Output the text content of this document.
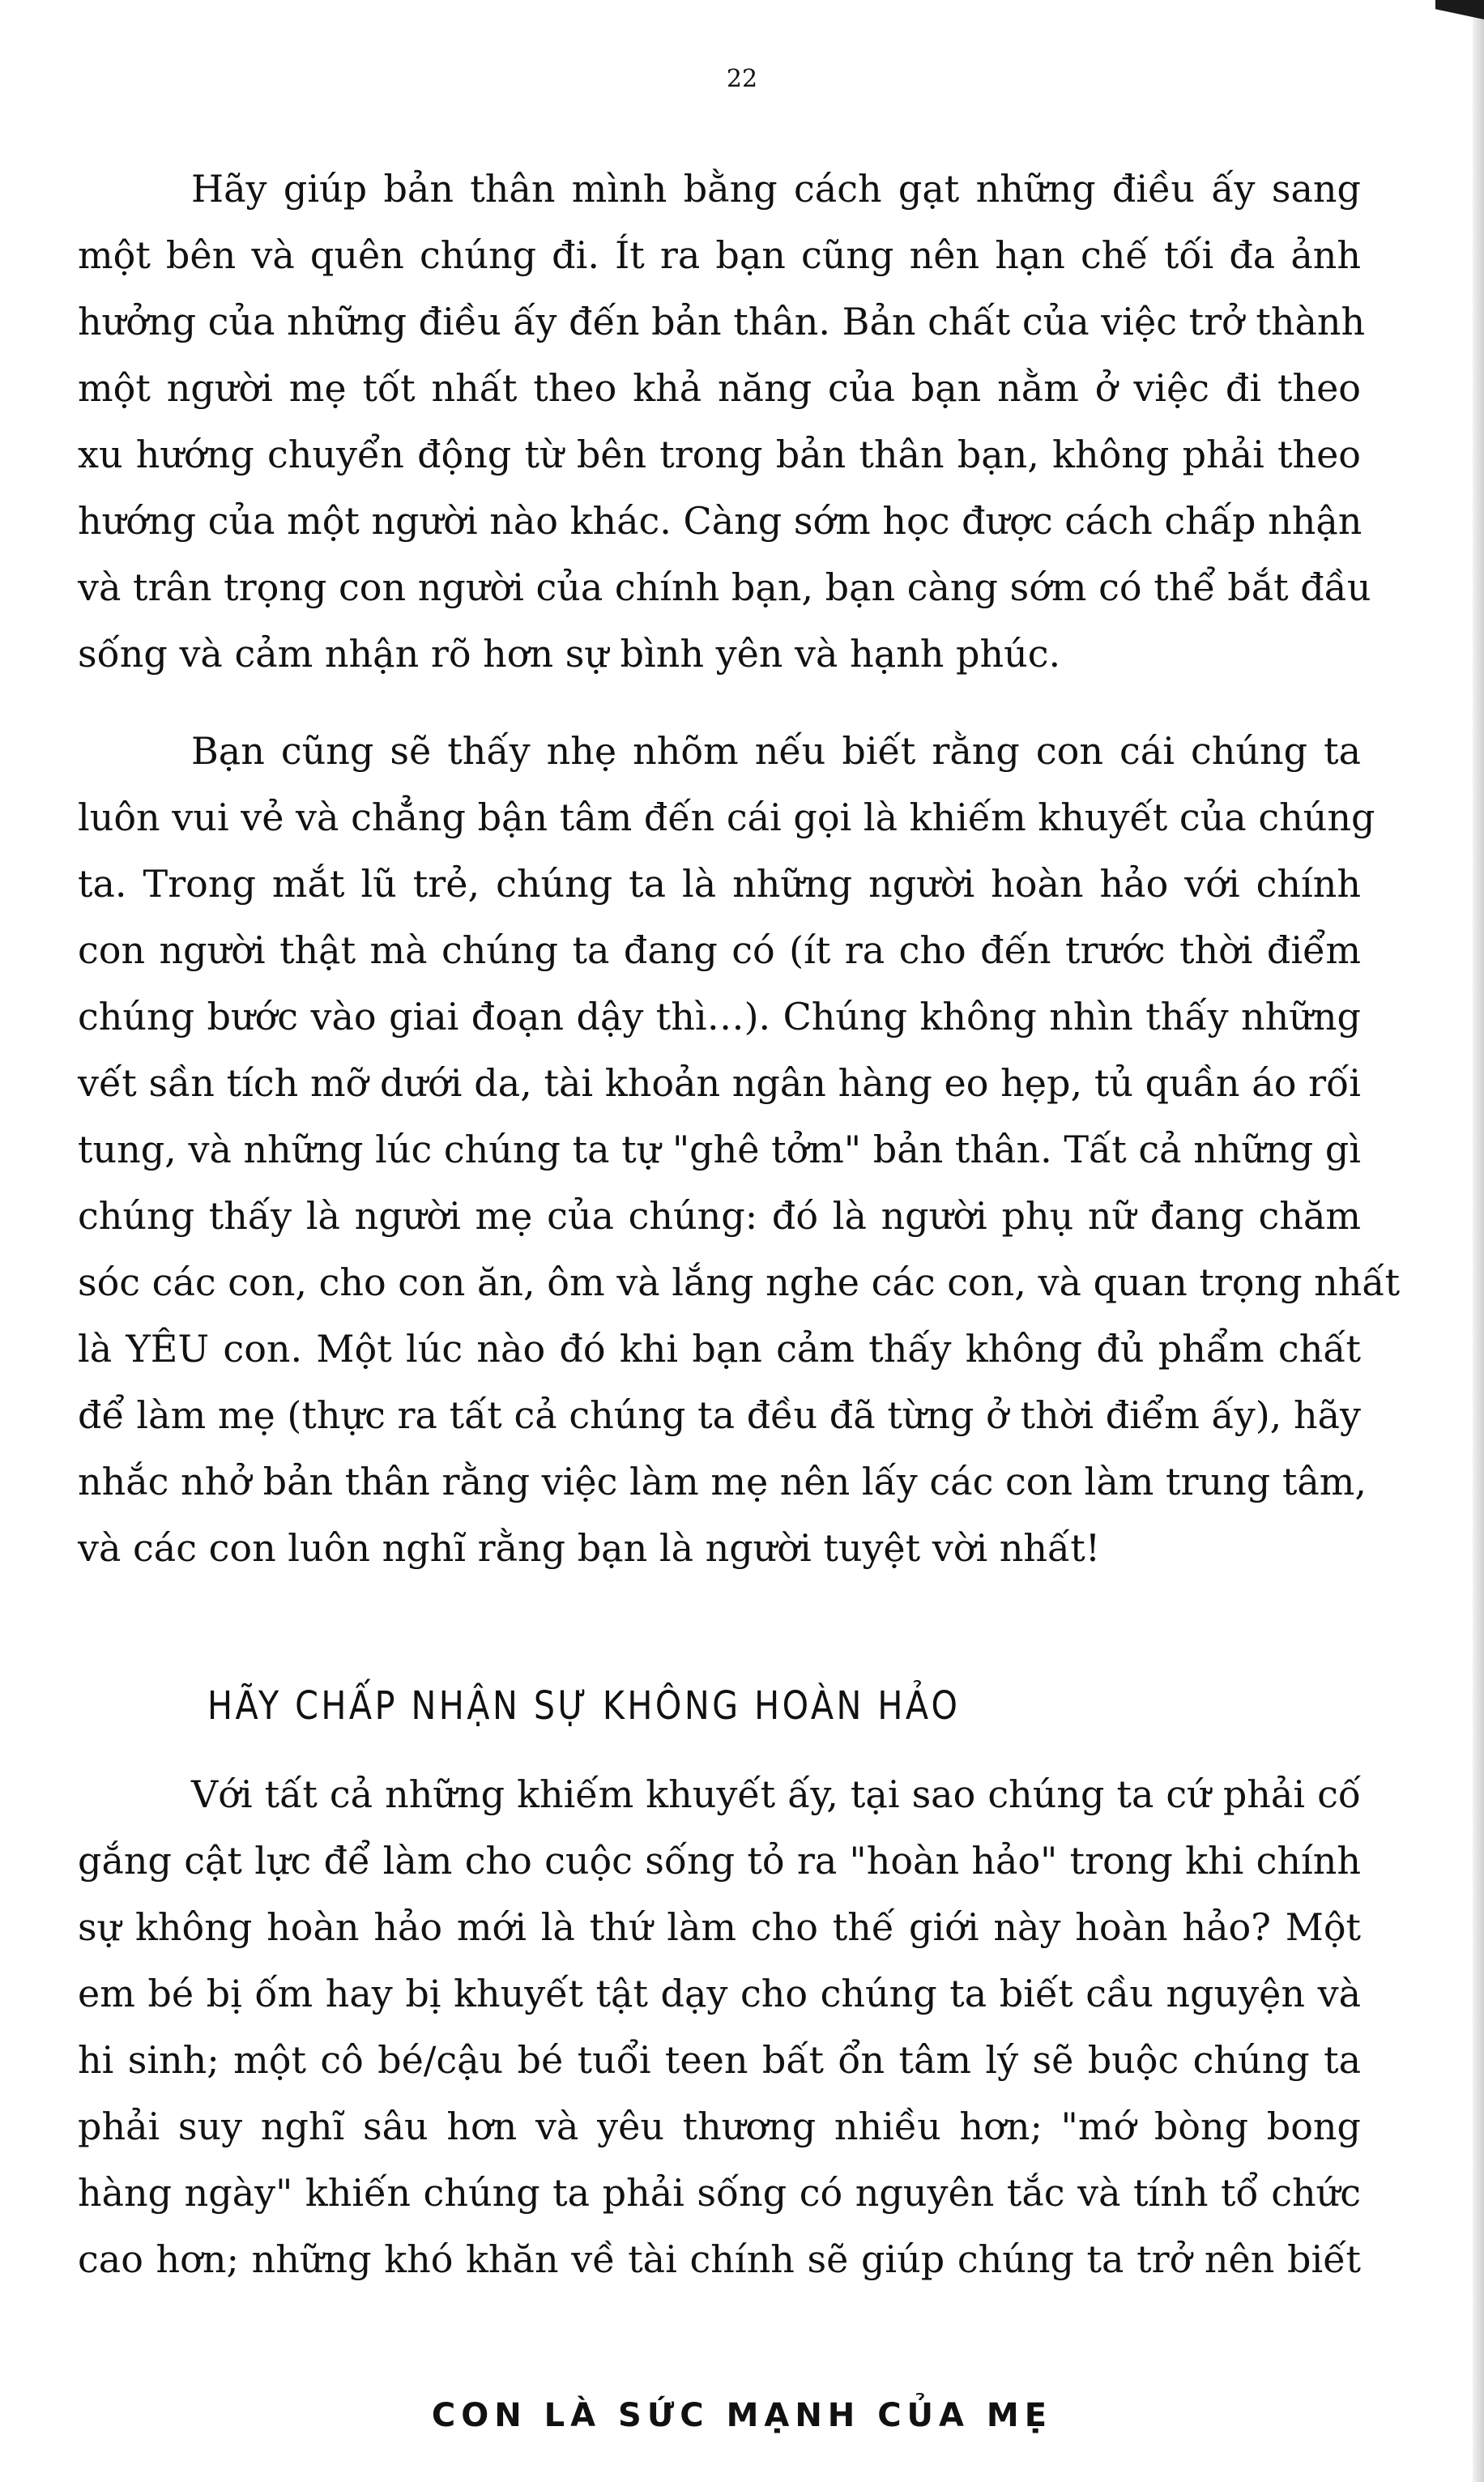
22

Hãy giúp bản thân mình bằng cách gạt những điều ấy sang
một bên và quên chúng đi. Ít ra bạn cũng nên hạn chế tối đa ảnh
hưởng của những điều ấy đến bản thân. Bản chất của việc trở thành
một người mẹ tốt nhất theo khả năng của bạn nằm ở việc đi theo
xu hướng chuyển động từ bên trong bản thân bạn, không phải theo
hướng của một người nào khác. Càng sớm học được cách chấp nhận
và trân trọng con người của chính bạn, bạn càng sớm có thể bắt đầu
sống và cảm nhận rõ hơn sự bình yên và hạnh phúc.

Bạn cũng sẽ thấy nhẹ nhõm nếu biết rằng con cái chúng ta
luôn vui vẻ và chẳng bận tâm đến cái gọi là khiếm khuyết của chúng
ta. Trong mắt lũ trẻ, chúng ta là những người hoàn hảo với chính
con người thật mà chúng ta đang có (ít ra cho đến trước thời điểm
chúng bước vào giai đoạn dậy thì…). Chúng không nhìn thấy những
vết sần tích mỡ dưới da, tài khoản ngân hàng eo hẹp, tủ quần áo rối
tung, và những lúc chúng ta tự "ghê tởm" bản thân. Tất cả những gì
chúng thấy là người mẹ của chúng: đó là người phụ nữ đang chăm
sóc các con, cho con ăn, ôm và lắng nghe các con, và quan trọng nhất
là YÊU con. Một lúc nào đó khi bạn cảm thấy không đủ phẩm chất
để làm mẹ (thực ra tất cả chúng ta đều đã từng ở thời điểm ấy), hãy
nhắc nhở bản thân rằng việc làm mẹ nên lấy các con làm trung tâm,
và các con luôn nghĩ rằng bạn là người tuyệt vời nhất!

HÃY CHẤP NHẬN SỰ KHÔNG HOÀN HẢO

Với tất cả những khiếm khuyết ấy, tại sao chúng ta cứ phải cố
gắng cật lực để làm cho cuộc sống tỏ ra "hoàn hảo" trong khi chính
sự không hoàn hảo mới là thứ làm cho thế giới này hoàn hảo? Một
em bé bị ốm hay bị khuyết tật dạy cho chúng ta biết cầu nguyện và
hi sinh; một cô bé/cậu bé tuổi teen bất ổn tâm lý sẽ buộc chúng ta
phải suy nghĩ sâu hơn và yêu thương nhiều hơn; "mớ bòng bong
hàng ngày" khiến chúng ta phải sống có nguyên tắc và tính tổ chức
cao hơn; những khó khăn về tài chính sẽ giúp chúng ta trở nên biết

CON LÀ SỨC MẠNH CỦA MẸ
